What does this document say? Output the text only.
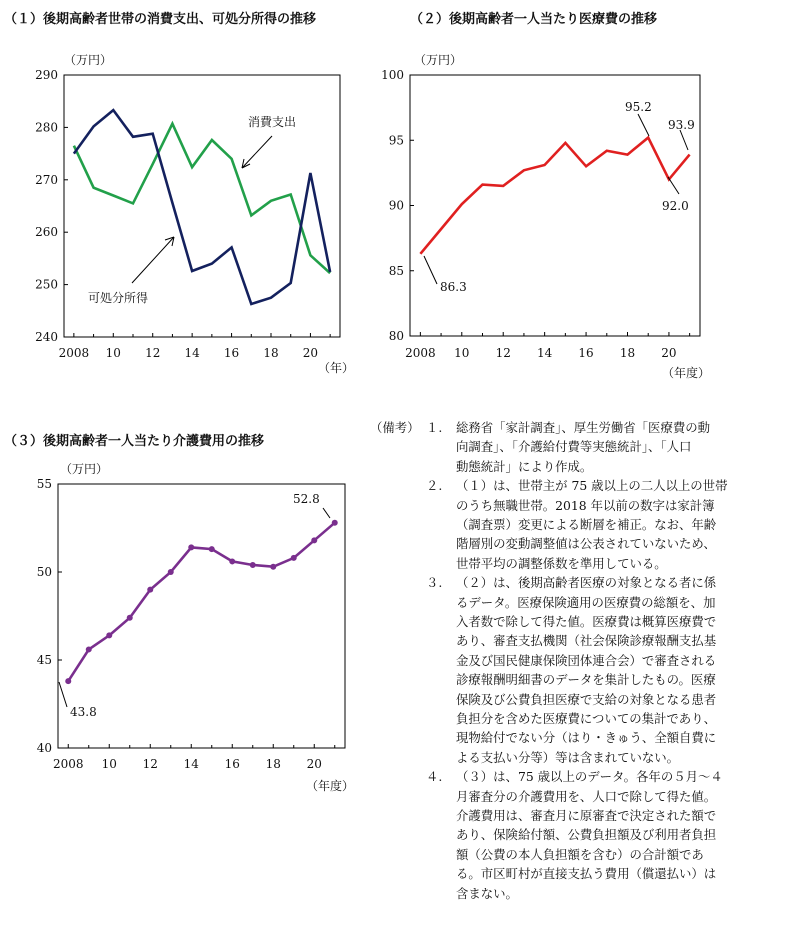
（１）後期高齢者世帯の消費支出、可処分所得の推移	（２）後期高齢者一人当たり医療費の推移
（３）後期高齢者一人当たり介護費用の推移
（万円）
（年）
240
250
260
270
280
290
2008 10 12 14 16 18 20
消費支出
可処分所得
（万円）
（年度）
80
85
90
95
100
2008 10 12 14 16 18 20
86.3
95.2
92.0
93.9
（万円）
（年度）
40
45
50
55
2008 10 12 14 16 18 20
43.8
52.8
（備考） １.	総務省「家計調査」、厚生労働省「医療費の動
向調査」、「介護給付費等実態統計」、「人口
動態統計」により作成。
２.	（１）は、世帯主が 75 歳以上の二人以上の世帯
のうち無職世帯。2018 年以前の数字は家計簿
（調査票）変更による断層を補正。なお、年齢
階層別の変動調整値は公表されていないため、
世帯平均の調整係数を準用している。
３.	（２）は、後期高齢者医療の対象となる者に係
るデータ。医療保険適用の医療費の総額を、加
入者数で除して得た値。医療費は概算医療費で
あり、審査支払機関（社会保険診療報酬支払基
金及び国民健康保険団体連合会）で審査される
診療報酬明細書のデータを集計したもの。医療
保険及び公費負担医療で支給の対象となる患者
負担分を含めた医療費についての集計であり、
現物給付でない分（はり・きゅう、全額自費に
よる支払い分等）等は含まれていない。
４.	（３）は、75 歳以上のデータ。各年の５月～４
月審査分の介護費用を、人口で除して得た値。
介護費用は、審査月に原審査で決定された額で
あり、保険給付額、公費負担額及び利用者負担
額（公費の本人負担額を含む）の合計額であ
る。市区町村が直接支払う費用（償還払い）は
含まない。
